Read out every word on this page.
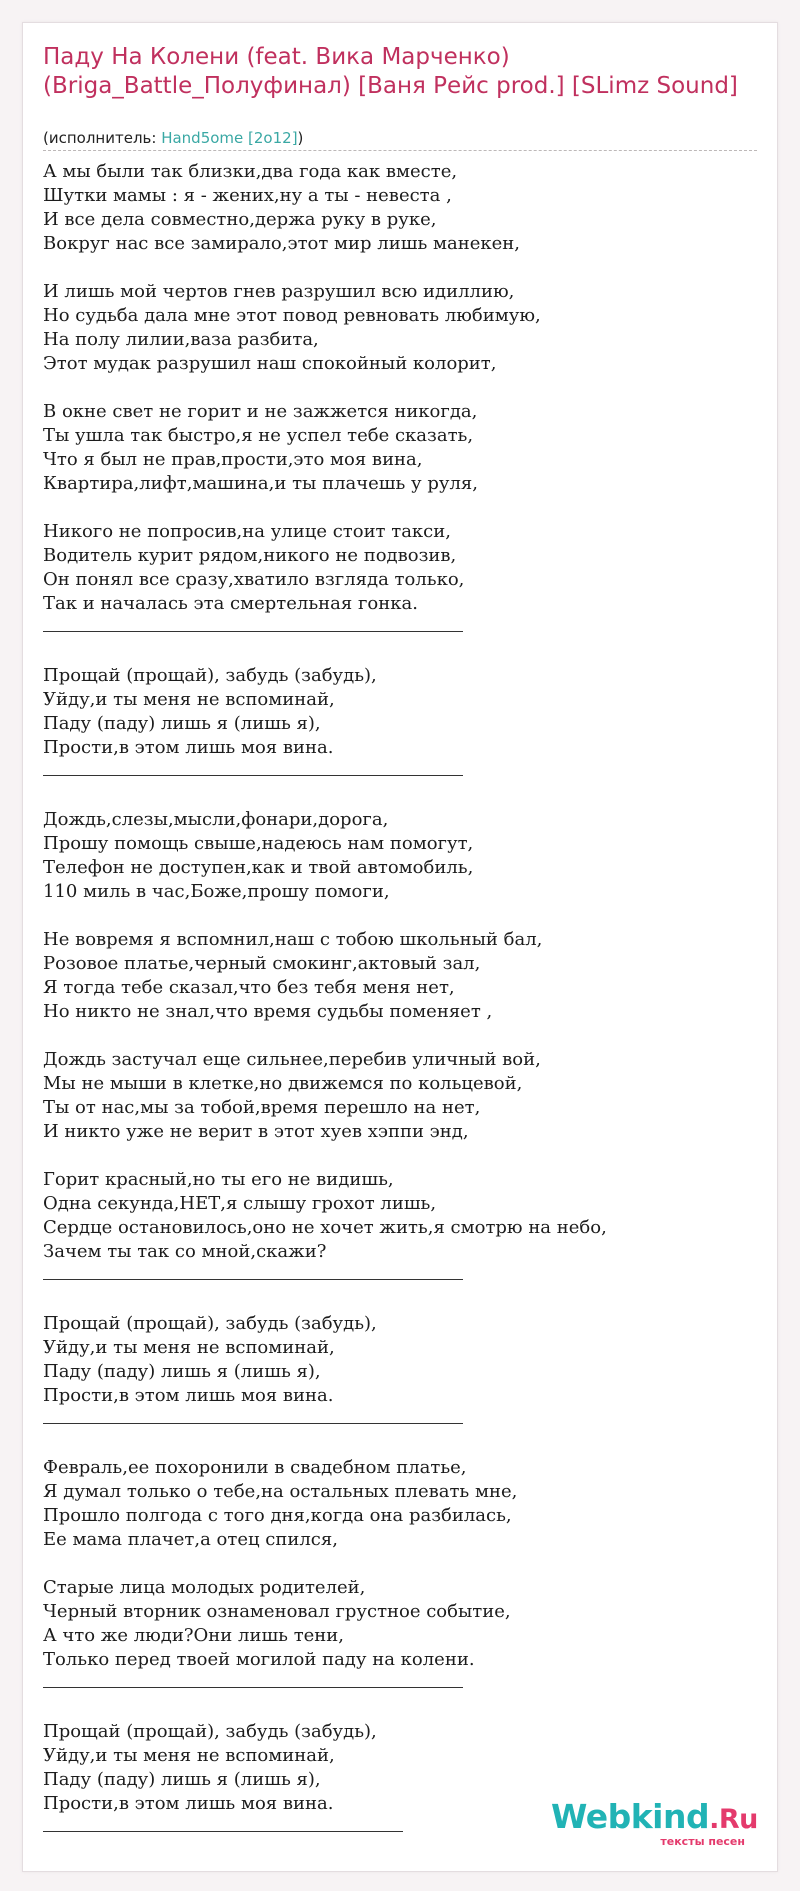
Паду На Колени (feat. Вика Марченко) (Briga_Battle_Полуфинал) [Ваня Рейс prod.] [SLimz Sound]
(исполнитель: Hand5ome [2o12])
А мы были так близки,два года как вместе,
Шутки мамы : я - жених,ну а ты - невеста ,
И все дела совместно,держа руку в руке,
Вокруг нас все замирало,этот мир лишь манекен,
И лишь мой чертов гнев разрушил всю идиллию,
Но судьба дала мне этот повод ревновать любимую,
На полу лилии,ваза разбита,
Этот мудак разрушил наш спокойный колорит,
В окне свет не горит и не зажжется никогда,
Ты ушла так быстро,я не успел тебе сказать,
Что я был не прав,прости,это моя вина,
Квартира,лифт,машина,и ты плачешь у руля,
Никого не попросив,на улице стоит такси,
Водитель курит рядом,никого не подвозив,
Он понял все сразу,хватило взгляда только,
Так и началась эта смертельная гонка.
Прощай (прощай), забудь (забудь),
Уйду,и ты меня не вспоминай,
Паду (паду) лишь я (лишь я),
Прости,в этом лишь моя вина.
Дождь,слезы,мысли,фонари,дорога,
Прошу помощь свыше,надеюсь нам помогут,
Телефон не доступен,как и твой автомобиль,
110 миль в час,Боже,прошу помоги,
Не вовремя я вспомнил,наш с тобою школьный бал,
Розовое платье,черный смокинг,актовый зал,
Я тогда тебе сказал,что без тебя меня нет,
Но никто не знал,что время судьбы поменяет ,
Дождь застучал еще сильнее,перебив уличный вой,
Мы не мыши в клетке,но движемся по кольцевой,
Ты от нас,мы за тобой,время перешло на нет,
И никто уже не верит в этот хуев хэппи энд,
Горит красный,но ты его не видишь,
Одна секунда,НЕТ,я слышу грохот лишь,
Сердце остановилось,оно не хочет жить,я смотрю на небо,
Зачем ты так со мной,скажи?
Прощай (прощай), забудь (забудь),
Уйду,и ты меня не вспоминай,
Паду (паду) лишь я (лишь я),
Прости,в этом лишь моя вина.
Февраль,ее похоронили в свадебном платье,
Я думал только о тебе,на остальных плевать мне,
Прошло полгода с того дня,когда она разбилась,
Ее мама плачет,а отец спился,
Старые лица молодых родителей,
Черный вторник ознаменовал грустное событие,
А что же люди?Они лишь тени,
Только перед твоей могилой паду на колени.
Прощай (прощай), забудь (забудь),
Уйду,и ты меня не вспоминай,
Паду (паду) лишь я (лишь я),
Прости,в этом лишь моя вина.	Webkind.Ru
тексты песен
